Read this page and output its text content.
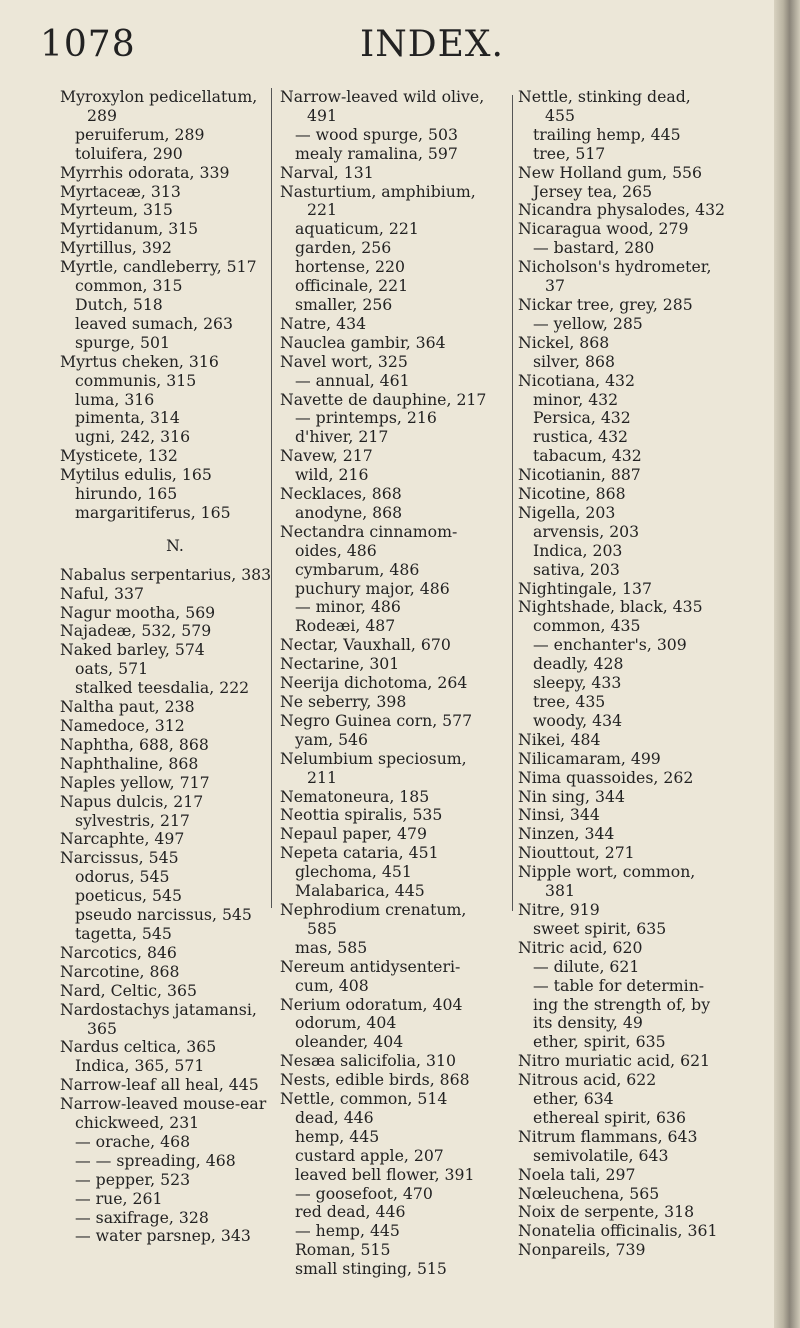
1078	INDEX.
Myroxylon pedicellatum,
289
peruiferum, 289
toluifera, 290
Myrrhis odorata, 339
Myrtaceæ, 313
Myrteum, 315
Myrtidanum, 315
Myrtillus, 392
Myrtle, candleberry, 517
common, 315
Dutch, 518
leaved sumach, 263
spurge, 501
Myrtus cheken, 316
communis, 315
luma, 316
pimenta, 314
ugni, 242, 316
Mysticete, 132
Mytilus edulis, 165
hirundo, 165
margaritiferus, 165
N.
Nabalus serpentarius, 383
Naful, 337
Nagur mootha, 569
Najadeæ, 532, 579
Naked barley, 574
oats, 571
stalked teesdalia, 222
Naltha paut, 238
Namedoce, 312
Naphtha, 688, 868
Naphthaline, 868
Naples yellow, 717
Napus dulcis, 217
sylvestris, 217
Narcaphte, 497
Narcissus, 545
odorus, 545
poeticus, 545
pseudo narcissus, 545
tagetta, 545
Narcotics, 846
Narcotine, 868
Nard, Celtic, 365
Nardostachys jatamansi,
365
Nardus celtica, 365
Indica, 365, 571
Narrow-leaf all heal, 445
Narrow-leaved mouse-ear
chickweed, 231
— orache, 468
— — spreading, 468
— pepper, 523
— rue, 261
— saxifrage, 328
— water parsnep, 343
Narrow-leaved wild olive,
491
— wood spurge, 503
mealy ramalina, 597
Narval, 131
Nasturtium, amphibium,
221
aquaticum, 221
garden, 256
hortense, 220
officinale, 221
smaller, 256
Natre, 434
Nauclea gambir, 364
Navel wort, 325
— annual, 461
Navette de dauphine, 217
— printemps, 216
d'hiver, 217
Navew, 217
wild, 216
Necklaces, 868
anodyne, 868
Nectandra cinnamom-
oides, 486
cymbarum, 486
puchury major, 486
— minor, 486
Rodeæi, 487
Nectar, Vauxhall, 670
Nectarine, 301
Neerija dichotoma, 264
Ne seberry, 398
Negro Guinea corn, 577
yam, 546
Nelumbium speciosum,
211
Nematoneura, 185
Neottia spiralis, 535
Nepaul paper, 479
Nepeta cataria, 451
glechoma, 451
Malabarica, 445
Nephrodium crenatum,
585
mas, 585
Nereum antidysenteri-
cum, 408
Nerium odoratum, 404
odorum, 404
oleander, 404
Nesæa salicifolia, 310
Nests, edible birds, 868
Nettle, common, 514
dead, 446
hemp, 445
custard apple, 207
leaved bell flower, 391
— goosefoot, 470
red dead, 446
— hemp, 445
Roman, 515
small stinging, 515
Nettle, stinking dead,
455
trailing hemp, 445
tree, 517
New Holland gum, 556
Jersey tea, 265
Nicandra physalodes, 432
Nicaragua wood, 279
— bastard, 280
Nicholson's hydrometer,
37
Nickar tree, grey, 285
— yellow, 285
Nickel, 868
silver, 868
Nicotiana, 432
minor, 432
Persica, 432
rustica, 432
tabacum, 432
Nicotianin, 887
Nicotine, 868
Nigella, 203
arvensis, 203
Indica, 203
sativa, 203
Nightingale, 137
Nightshade, black, 435
common, 435
— enchanter's, 309
deadly, 428
sleepy, 433
tree, 435
woody, 434
Nikei, 484
Nilicamaram, 499
Nima quassoides, 262
Nin sing, 344
Ninsi, 344
Ninzen, 344
Niouttout, 271
Nipple wort, common,
381
Nitre, 919
sweet spirit, 635
Nitric acid, 620
— dilute, 621
— table for determin-
ing the strength of, by
its density, 49
ether, spirit, 635
Nitro muriatic acid, 621
Nitrous acid, 622
ether, 634
ethereal spirit, 636
Nitrum flammans, 643
semivolatile, 643
Noela tali, 297
Nœleuchena, 565
Noix de serpente, 318
Nonatelia officinalis, 361
Nonpareils, 739
